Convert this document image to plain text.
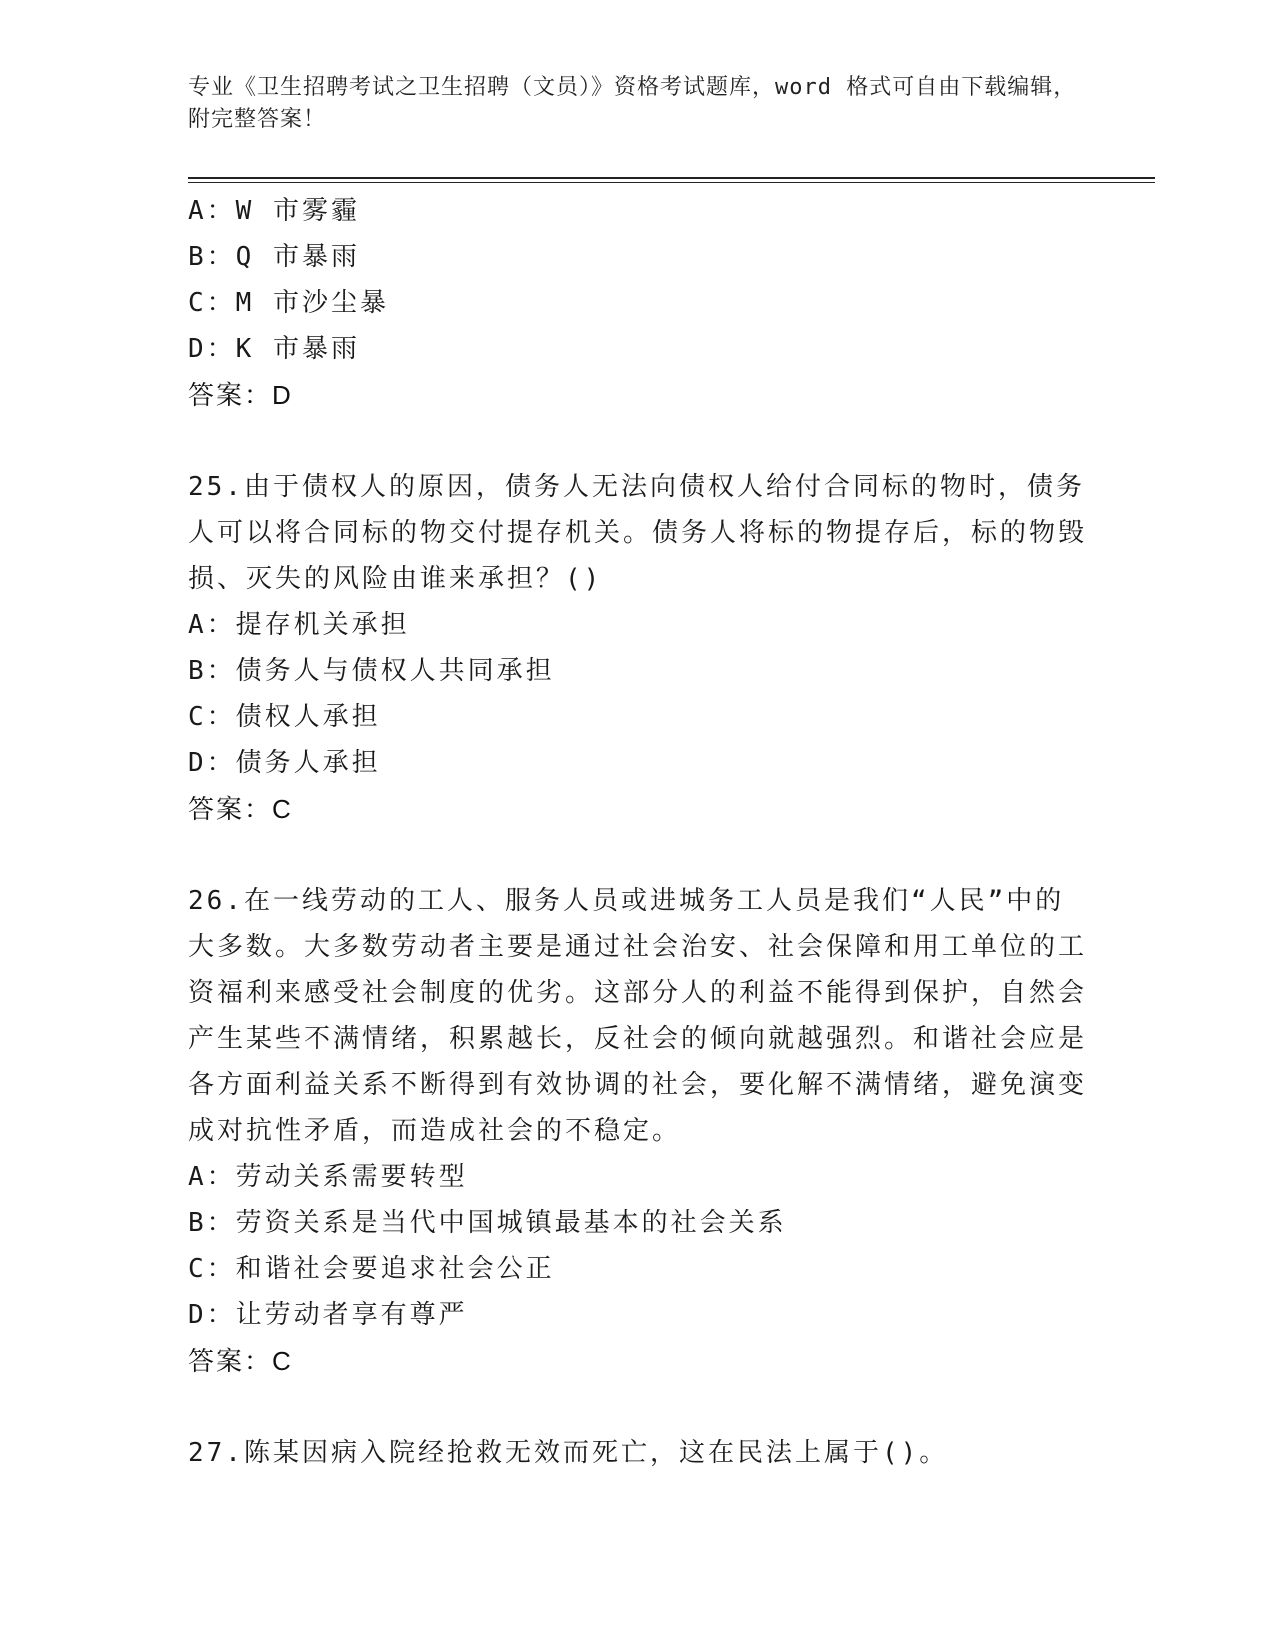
专业《卫生招聘考试之卫生招聘（文员）》资格考试题库，word 格式可自由下载编辑，附完整答案！
A：W 市雾霾
B：Q 市暴雨
C：M 市沙尘暴
D：K 市暴雨
答案：D
25.由于债权人的原因，债务人无法向债权人给付合同标的物时，债务人可以将合同标的物交付提存机关。债务人将标的物提存后，标的物毁损、灭失的风险由谁来承担？()
A：提存机关承担
B：债务人与债权人共同承担
C：债权人承担
D：债务人承担
答案：C
26.在一线劳动的工人、服务人员或进城务工人员是我们“人民”中的大多数。大多数劳动者主要是通过社会治安、社会保障和用工单位的工资福利来感受社会制度的优劣。这部分人的利益不能得到保护，自然会产生某些不满情绪，积累越长，反社会的倾向就越强烈。和谐社会应是各方面利益关系不断得到有效协调的社会，要化解不满情绪，避免演变成对抗性矛盾，而造成社会的不稳定。
A：劳动关系需要转型
B：劳资关系是当代中国城镇最基本的社会关系
C：和谐社会要追求社会公正
D：让劳动者享有尊严
答案：C
27.陈某因病入院经抢救无效而死亡，这在民法上属于()。
